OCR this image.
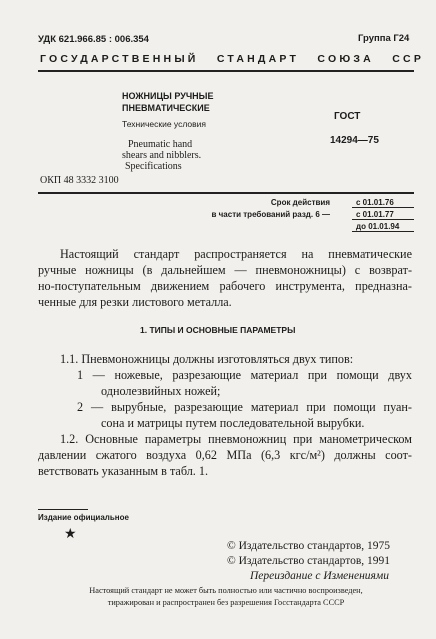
УДК 621.966.85 : 006.354	Группа Г24
ГОСУДАРСТВЕННЫЙ   СТАНДАРТ   СОЮЗА   ССР
НОЖНИЦЫ РУЧНЫЕ
ПНЕВМАТИЧЕСКИЕ
Технические условия
Pneumatic hand
shears and nibblers.
Specifications
ГОСТ
14294—75
ОКП 48 3332 3100
Срок действия	с 01.01.76
в части требований разд. 6 —	с 01.01.77
до 01.01.94
Настоящий стандарт распространяется на пневматические
ручные ножницы (в дальнейшем — пневмоножницы) с возврат-
но-поступательным движением рабочего инструмента, предназна-
ченные для резки листового металла.
1. ТИПЫ И ОСНОВНЫЕ ПАРАМЕТРЫ
1.1. Пневмоножницы должны изготовляться двух типов:
1 — ножевые, разрезающие материал при помощи двух
однолезвийных ножей;
2 — вырубные, разрезающие материал при помощи пуан-
сона и матрицы путем последовательной вырубки.
1.2. Основные параметры пневмоножниц при манометрическом
давлении сжатого воздуха 0,62 МПа (6,3 кгс/м²) должны соот-
ветствовать указанным в табл. 1.
Издание официальное
★
© Издательство стандартов, 1975
© Издательство стандартов, 1991
Переиздание с Изменениями
Настоящий стандарт не может быть полностью или частично воспроизведен,
тиражирован и распространен без разрешения Госстандарта СССР
